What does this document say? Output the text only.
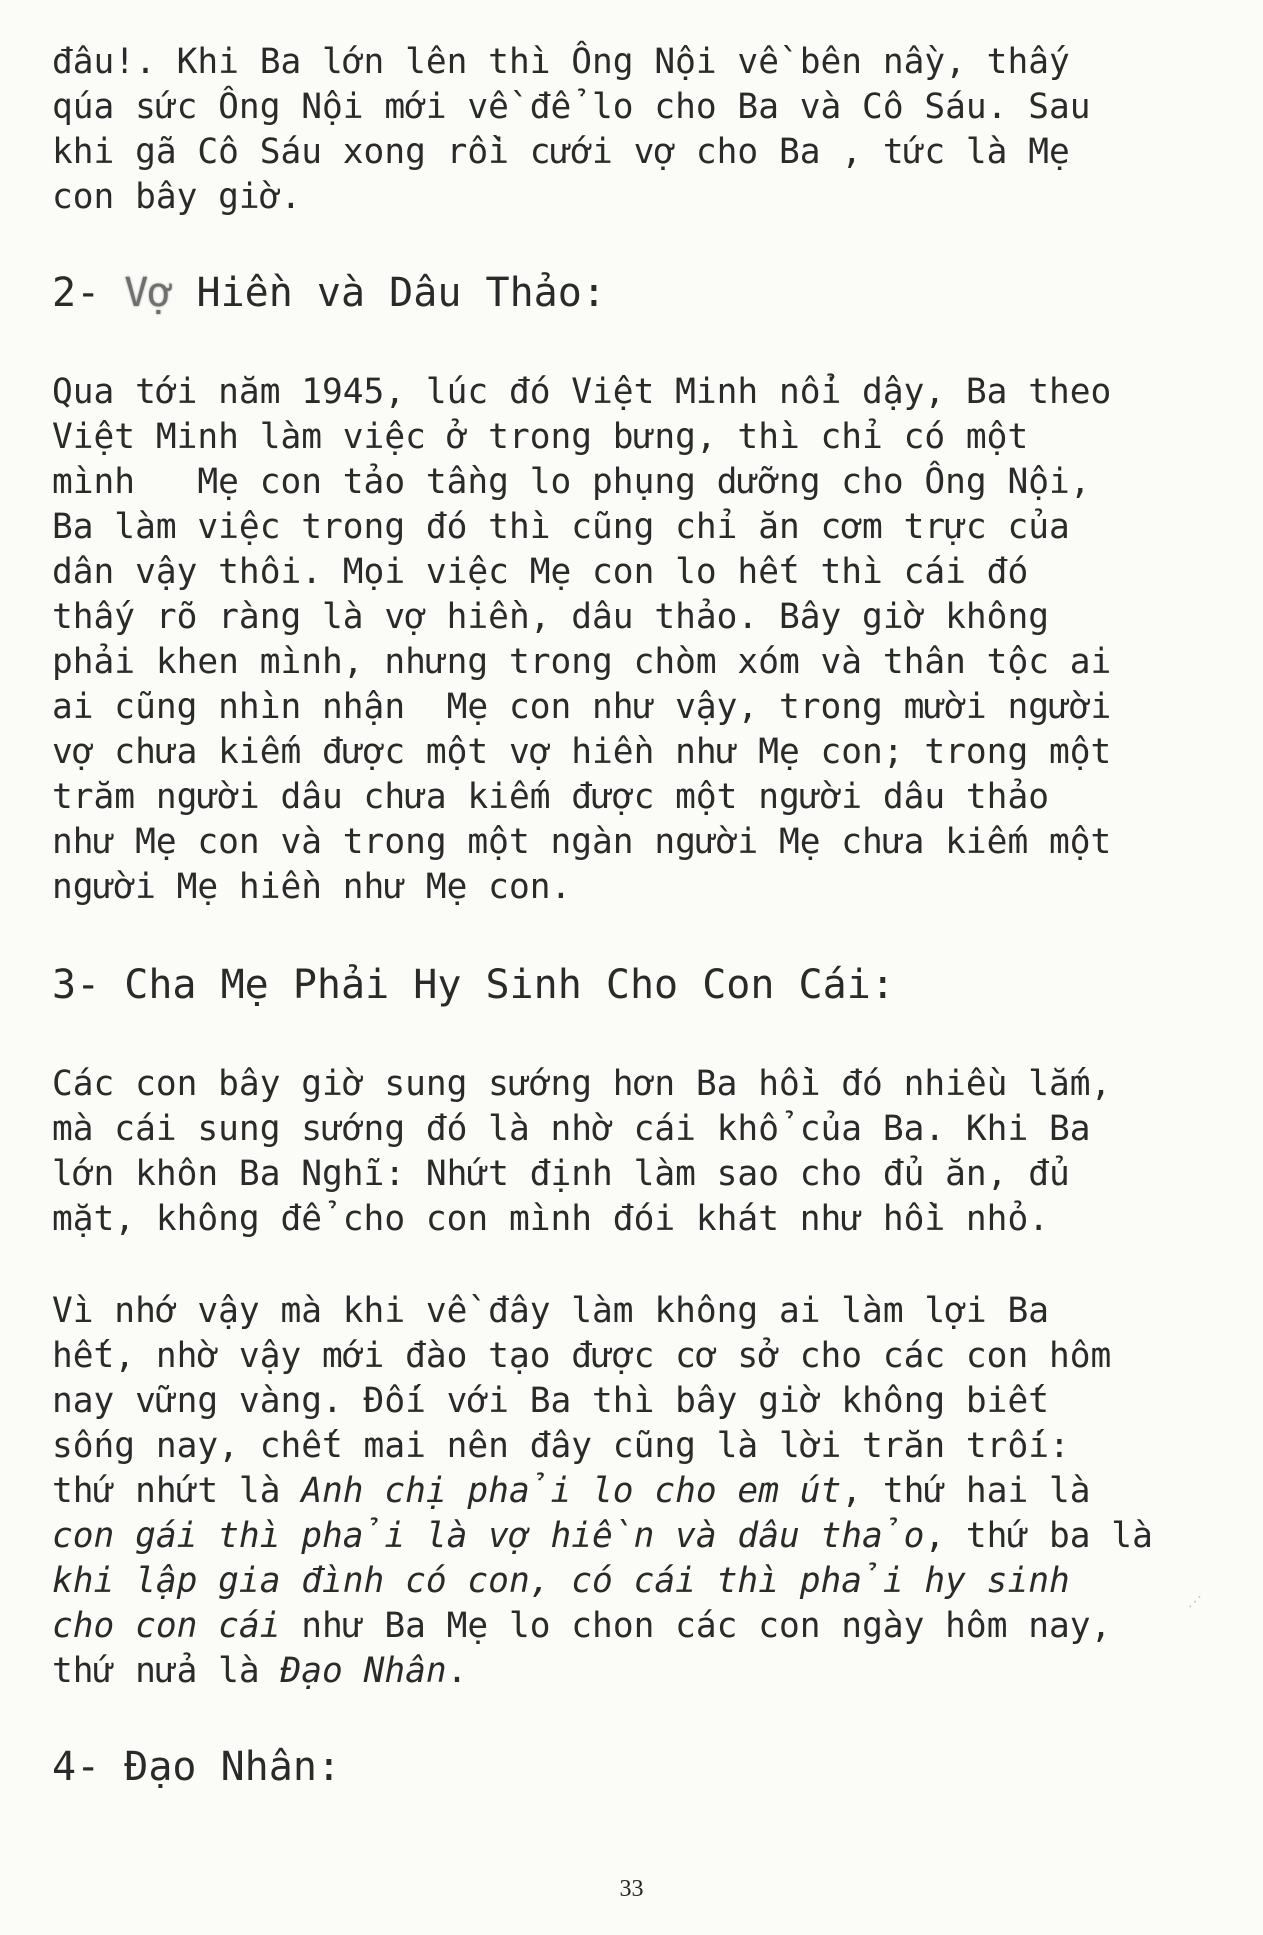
đâu!. Khi Ba lớn lên thì Ông Nội về bên nầy, thấy

qúa sức Ông Nội mới về để lo cho Ba và Cô Sáu. Sau

khi gã Cô Sáu xong rồi cưới vợ cho Ba , tức là Mẹ

con bây giờ.

2- Vợ Hiền và Dâu Thảo:

Qua tới năm 1945, lúc đó Việt Minh nổi dậy, Ba theo

Việt Minh làm việc ở trong bưng, thì chỉ có một

mình   Mẹ con tảo tầng lo phụng dưỡng cho Ông Nội,

Ba làm việc trong đó thì cũng chỉ ăn cơm trực của

dân vậy thôi. Mọi việc Mẹ con lo hết thì cái đó

thấy rõ ràng là vợ hiền, dâu thảo. Bây giờ không

phải khen mình, nhưng trong chòm xóm và thân tộc ai

ai cũng nhìn nhận  Mẹ con như vậy, trong mười người

vợ chưa kiếm được một vợ hiền như Mẹ con; trong một

trăm người dâu chưa kiếm được một người dâu thảo

như Mẹ con và trong một ngàn người Mẹ chưa kiếm một

người Mẹ hiền như Mẹ con.

3- Cha Mẹ Phải Hy Sinh Cho Con Cái:

Các con bây giờ sung sướng hơn Ba hồi đó nhiều lắm,

mà cái sung sướng đó là nhờ cái khổ của Ba. Khi Ba

lớn khôn Ba Nghĩ: Nhứt định làm sao cho đủ ăn, đủ

mặt, không để cho con mình đói khát như hồi nhỏ.

Vì nhớ vậy mà khi về đây làm không ai làm lợi Ba

hết, nhờ vậy mới đào tạo được cơ sở cho các con hôm

nay vững vàng. Đối với Ba thì bây giờ không biết

sống nay, chết mai nên đây cũng là lời trăn trối:

thứ nhứt là Anh chị phải lo cho em út, thứ hai là

con gái thì phải là vợ hiền và dâu thảo, thứ ba là

khi lập gia đình có con, có cái thì phải hy sinh

cho con cái như Ba Mẹ lo chon các con ngày hôm nay,

thứ nửa là Đạo Nhân.

⋰
4- Đạo Nhân:
33
